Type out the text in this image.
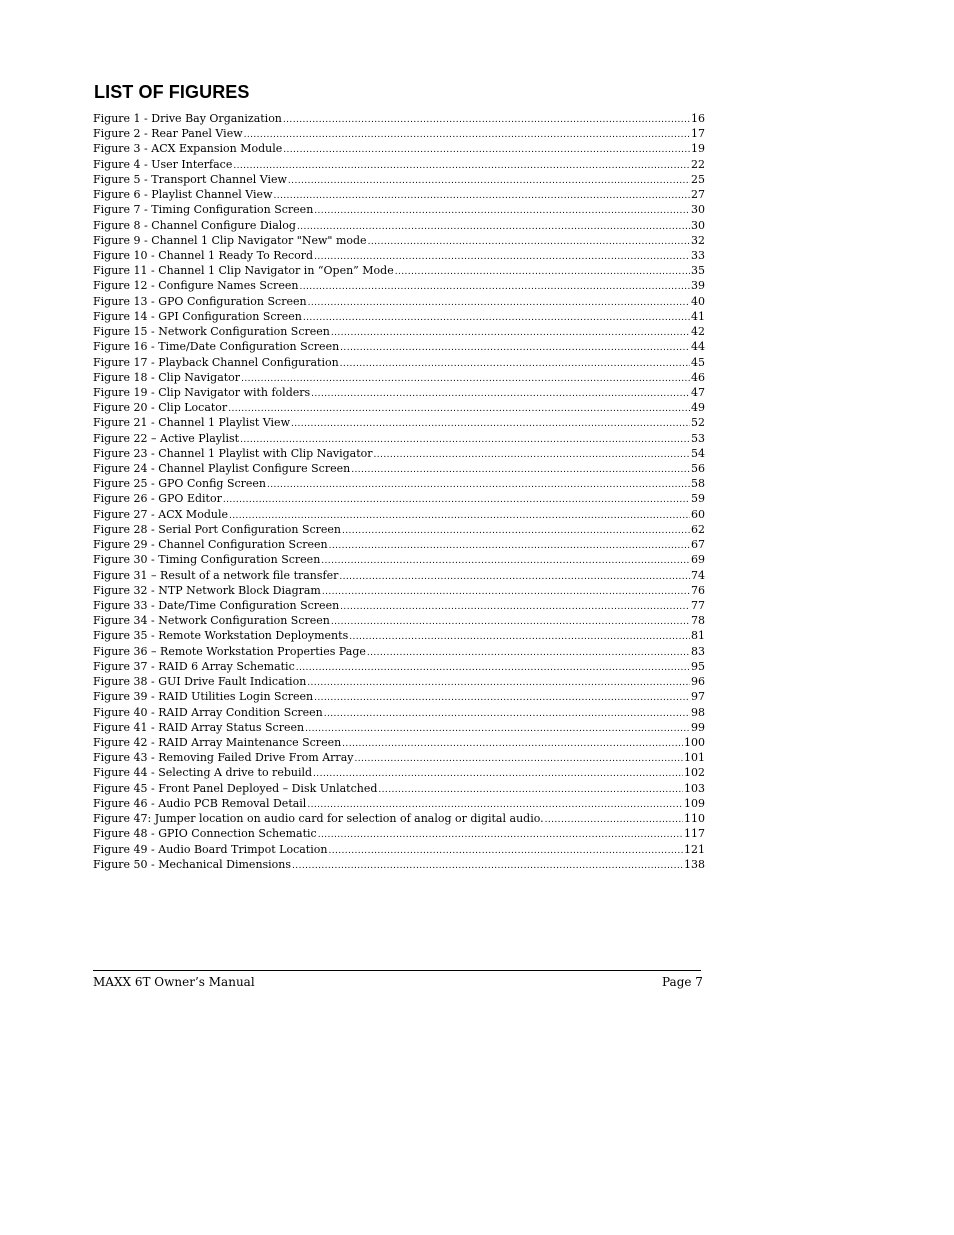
LIST OF FIGURES
Figure 1 - Drive Bay Organization .....	16
Figure 2 - Rear Panel View .....	17
Figure 3 - ACX Expansion Module .....	19
Figure 4 - User Interface .....	22
Figure 5 - Transport Channel View .....	25
Figure 6 - Playlist Channel View .....	27
Figure 7 - Timing Configuration Screen .....	30
Figure 8 - Channel Configure Dialog .....	30
Figure 9 - Channel 1 Clip Navigator "New" mode .....	32
Figure 10 - Channel 1 Ready To Record .....	33
Figure 11 - Channel 1 Clip Navigator in “Open” Mode .....	35
Figure 12 - Configure Names Screen .....	39
Figure 13 - GPO Configuration Screen .....	40
Figure 14 - GPI Configuration Screen .....	41
Figure 15 - Network Configuration Screen .....	42
Figure 16 - Time/Date Configuration Screen .....	44
Figure 17 - Playback Channel Configuration .....	45
Figure 18 - Clip Navigator .....	46
Figure 19 - Clip Navigator with folders .....	47
Figure 20 - Clip Locator .....	49
Figure 21 - Channel 1 Playlist View .....	52
Figure 22 – Active Playlist .....	53
Figure 23 - Channel 1 Playlist with Clip Navigator .....	54
Figure 24 - Channel Playlist Configure Screen .....	56
Figure 25 - GPO Config Screen .....	58
Figure 26 - GPO Editor .....	59
Figure 27 - ACX Module .....	60
Figure 28 - Serial Port Configuration Screen .....	62
Figure 29 - Channel Configuration Screen .....	67
Figure 30 - Timing Configuration Screen .....	69
Figure 31 – Result of a network file transfer .....	74
Figure 32 - NTP Network Block Diagram .....	76
Figure 33 - Date/Time Configuration Screen .....	77
Figure 34 - Network Configuration Screen .....	78
Figure 35 - Remote Workstation Deployments .....	81
Figure 36 – Remote Workstation Properties Page .....	83
Figure 37 - RAID 6 Array Schematic .....	95
Figure 38 - GUI Drive Fault Indication .....	96
Figure 39 - RAID Utilities Login Screen .....	97
Figure 40 - RAID Array Condition Screen .....	98
Figure 41 - RAID Array Status Screen .....	99
Figure 42 - RAID Array Maintenance Screen .....	100
Figure 43 - Removing Failed Drive From Array .....	101
Figure 44 - Selecting A drive to rebuild .....	102
Figure 45 - Front Panel Deployed – Disk Unlatched .....	103
Figure 46 - Audio PCB Removal Detail .....	109
Figure 47: Jumper location on audio card for selection of analog or digital audio. .....	110
Figure 48 - GPIO Connection Schematic .....	117
Figure 49 - Audio Board Trimpot Location .....	121
Figure 50 - Mechanical Dimensions .....	138
MAXX 6T Owner’s Manual	Page 7
